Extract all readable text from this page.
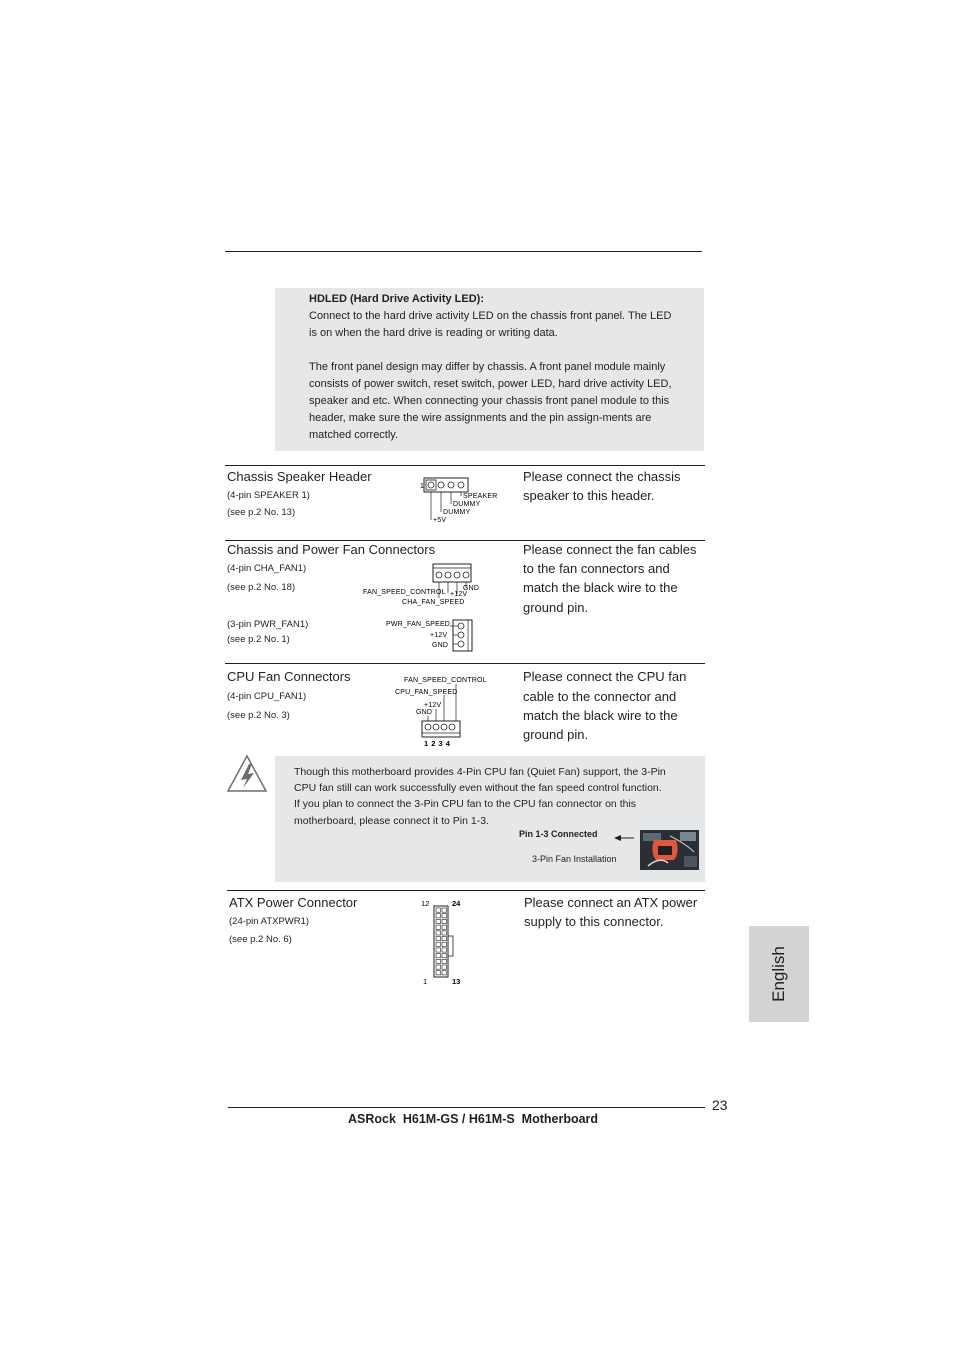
HDLED (Hard Drive Activity LED):
Connect to the hard drive activity LED on the chassis front panel. The LED
is on when the hard drive is reading or writing data.
The front panel design may differ by chassis. A front panel module mainly
consists of power switch, reset switch, power LED, hard drive activity LED,
speaker and etc. When connecting your chassis front panel module to this
header, make sure the wire assignments and the pin assign-ments are
matched correctly.
Chassis Speaker Header
(4-pin SPEAKER 1)
(see p.2 No. 13)
Please connect the chassis
speaker to this header.
1
SPEAKER
DUMMY
DUMMY
+5V
Chassis and Power Fan Connectors
(4-pin CHA_FAN1)
(see p.2 No. 18)
(3-pin PWR_FAN1)
(see p.2 No. 1)
Please connect the fan cables
to the fan connectors and
match the black wire to the
ground pin.
GND
+12V
FAN_SPEED_CONTROL
CHA_FAN_SPEED
PWR_FAN_SPEED
+12V
GND
CPU Fan Connectors
(4-pin CPU_FAN1)
(see p.2 No. 3)
Please connect the CPU fan
cable to the connector and
match the black wire to the
ground pin.
FAN_SPEED_CONTROL
CPU_FAN_SPEED
+12V
GND
1 2 3 4
Though this motherboard provides 4-Pin CPU fan (Quiet Fan) support, the 3-Pin
CPU fan still can work successfully even without the fan speed control function.
If you plan to connect the 3-Pin CPU fan to the CPU fan connector on this
motherboard, please connect it to Pin 1-3.
Pin 1-3 Connected
3-Pin Fan Installation
ATX Power Connector
(24-pin ATXPWR1)
(see p.2 No. 6)
Please connect an ATX power
supply to this connector.
12	24
1	13	English
23
ASRock  H61M-GS / H61M-S  Motherboard
